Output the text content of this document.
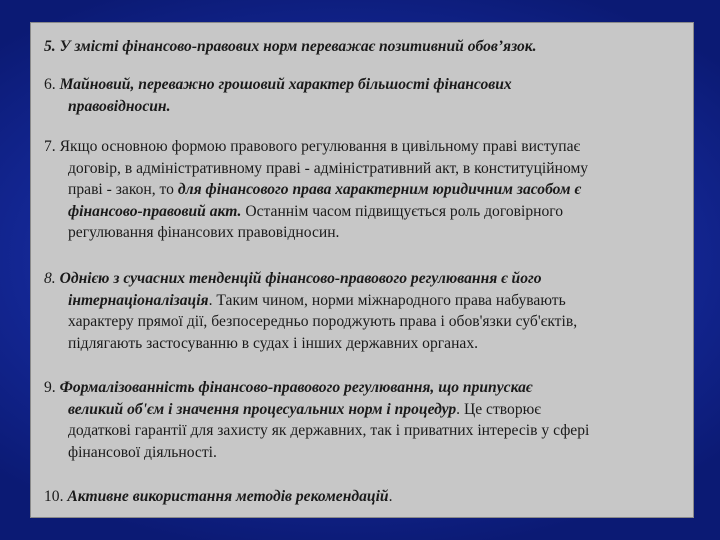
5. У змісті фінансово-правових норм переважає позитивний обов’язок.
6. Майновий, переважно грошовий характер більшості фінансових
правовідносин.
7. Якщо основною формою правового регулювання в цивільному праві виступає
договір, в адміністративному праві - адміністративний акт, в конституційному
праві - закон, то для фінансового права характерним юридичним засобом є
фінансово-правовий акт. Останнім часом підвищується роль договірного
регулювання фінансових правовідносин.
8. Однією з сучасних тенденцій фінансово-правового регулювання є його
інтернаціоналізація. Таким чином, норми міжнародного права набувають
характеру прямої дії, безпосередньо породжують права і обов'язки суб'єктів,
підлягають застосуванню в судах і інших державних органах.
9. Формалізованність фінансово-правового регулювання, що припускає
великий об'єм і значення процесуальних норм і процедур. Це створює
додаткові гарантії для захисту як державних, так і приватних інтересів у сфері
фінансової діяльності.
10. Активне використання методів рекомендацій.
